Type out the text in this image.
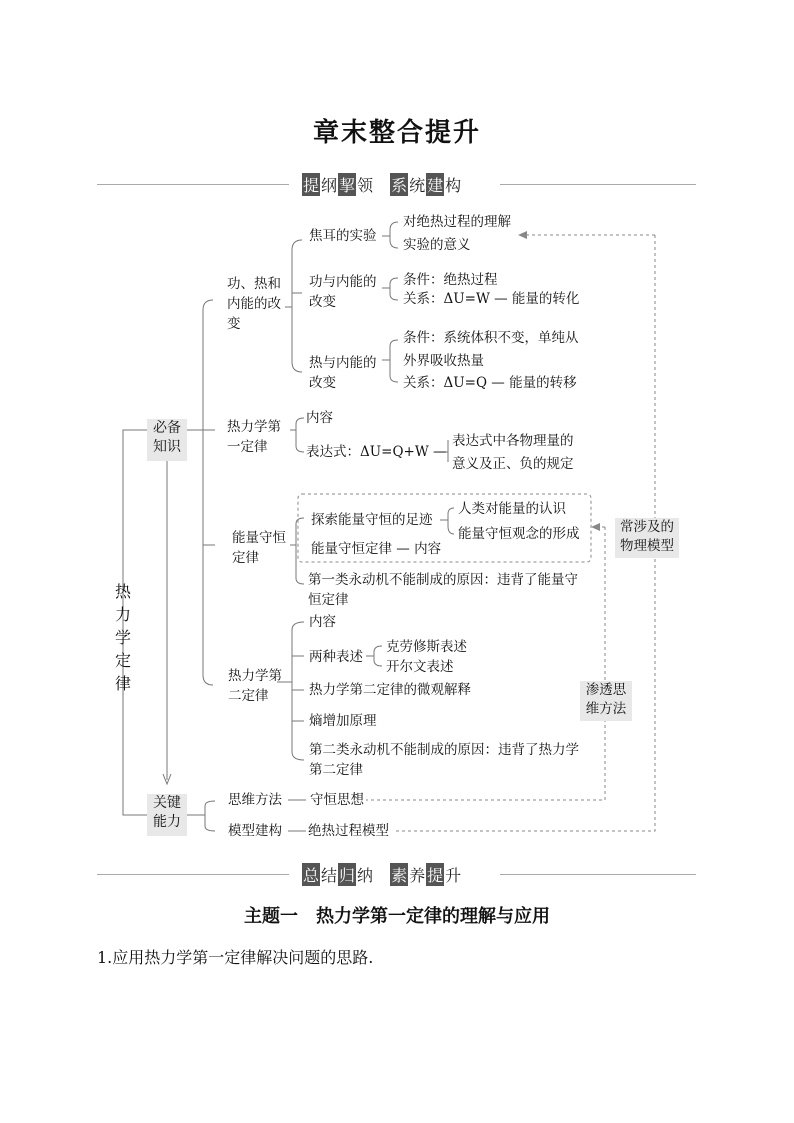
章末整合提升
提 纲 挈 领 系 统 建 构
热
力
学
定
律
必备
知识
关键
能力
功、热和
内能的改
变
焦耳的实验
对绝热过程的理解
实验的意义
功与内能的
改变
条件：绝热过程
关系：ΔU=W — 能量的转化
热与内能的
改变
条件：系统体积不变，单纯从
外界吸收热量
关系：ΔU=Q — 能量的转移
热力学第
一定律
内容
表达式：ΔU=Q+W —
表达式中各物理量的
意义及正、负的规定
能量守恒
定律
探索能量守恒的足迹
人类对能量的认识
能量守恒观念的形成
能量守恒定律 — 内容
第一类永动机不能制成的原因：违背了能量守
恒定律
常涉及的
物理模型
热力学第
二定律
内容
两种表述
克劳修斯表述
开尔文表述
热力学第二定律的微观解释
熵增加原理
第二类永动机不能制成的原因：违背了热力学
第二定律
渗透思
维方法
思维方法 守恒思想
模型建构 绝热过程模型
总 结 归 纳 素 养 提 升
主题一　热力学第一定律的理解与应用
1.应用热力学第一定律解决问题的思路.
